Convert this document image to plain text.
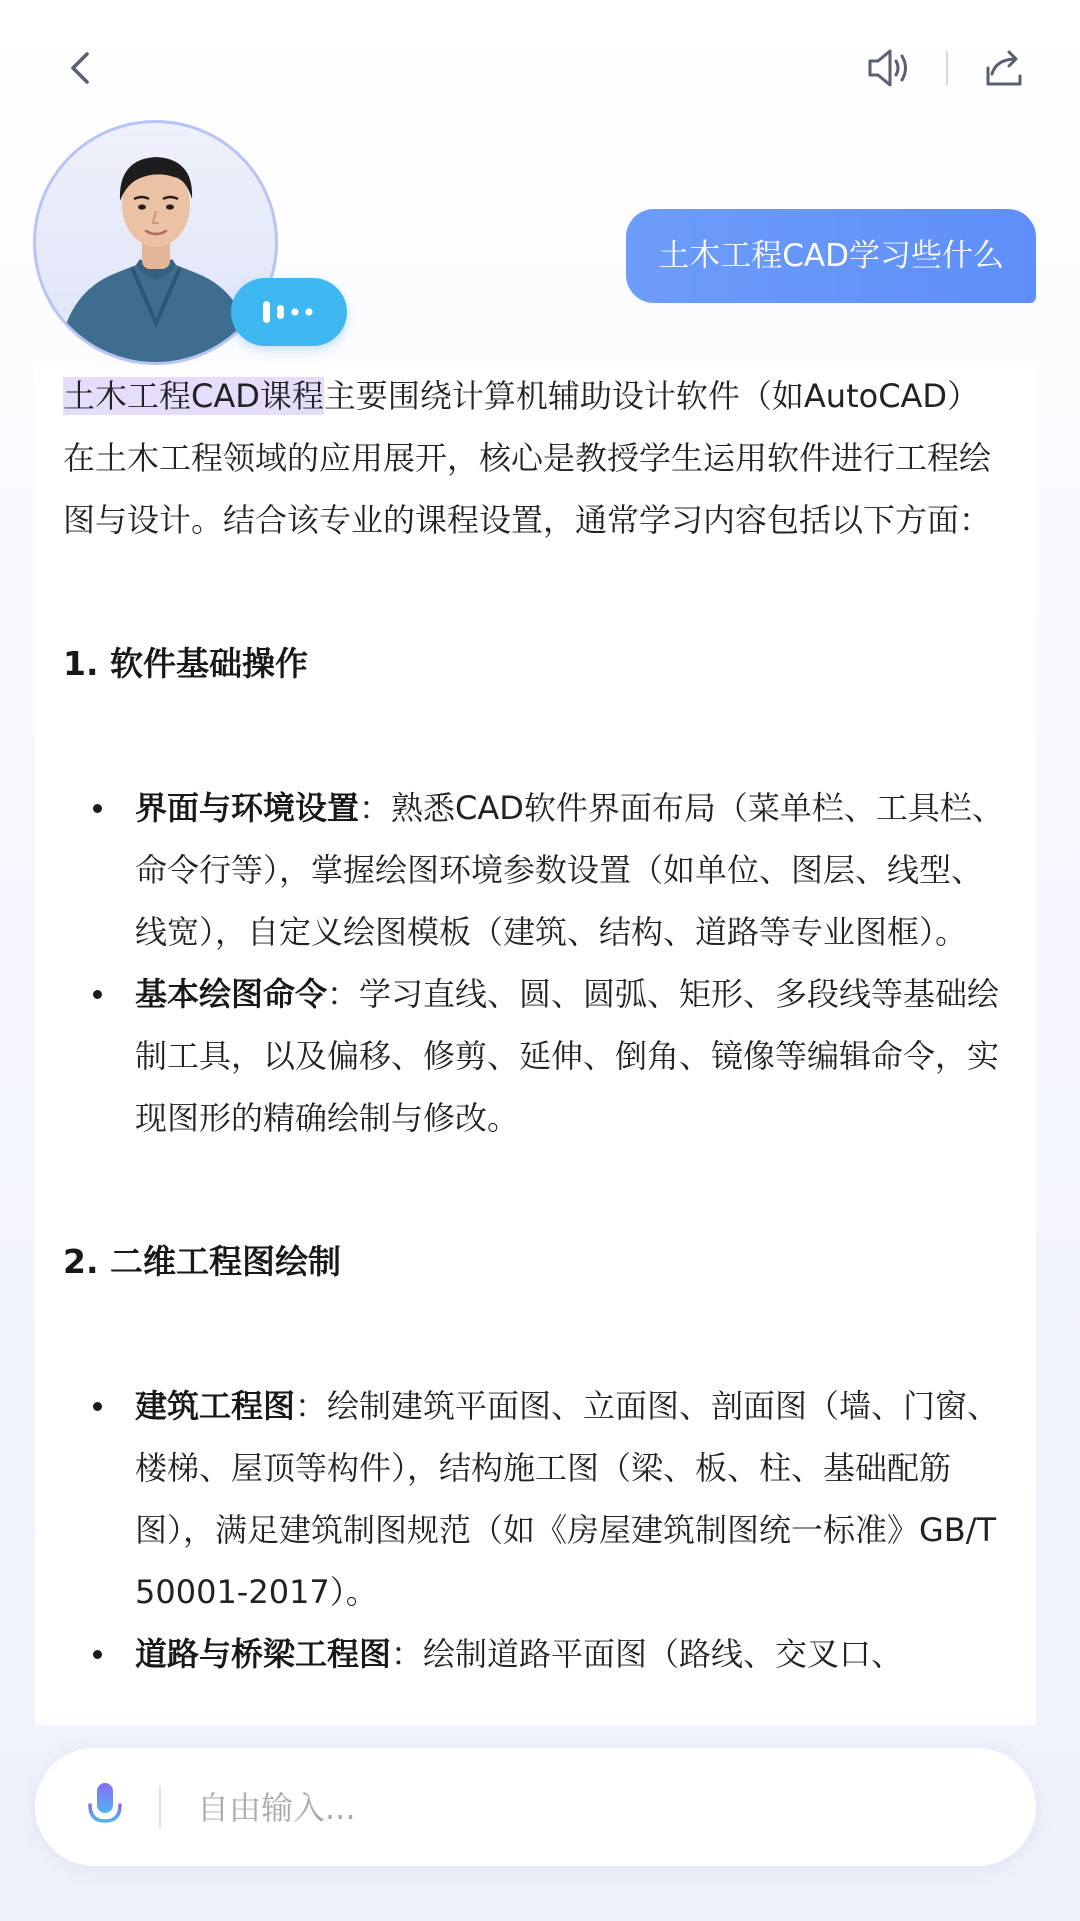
土木工程CAD学习些什么

土木工程CAD课程主要围绕计算机辅助设计软件（如AutoCAD）在土木工程领域的应用展开，核心是教授学生运用软件进行工程绘图与设计。结合该专业的课程设置，通常学习内容包括以下方面：

1. 软件基础操作

界面与环境设置：熟悉CAD软件界面布局（菜单栏、工具栏、命令行等），掌握绘图环境参数设置（如单位、图层、线型、线宽），自定义绘图模板（建筑、结构、道路等专业图框）。
基本绘图命令：学习直线、圆、圆弧、矩形、多段线等基础绘制工具，以及偏移、修剪、延伸、倒角、镜像等编辑命令，实现图形的精确绘制与修改。

2. 二维工程图绘制

建筑工程图：绘制建筑平面图、立面图、剖面图（墙、门窗、楼梯、屋顶等构件），结构施工图（梁、板、柱、基础配筋图），满足建筑制图规范（如《房屋建筑制图统一标准》GB/T 50001-2017）。
道路与桥梁工程图：绘制道路平面图（路线、交叉口、
自由输入...
